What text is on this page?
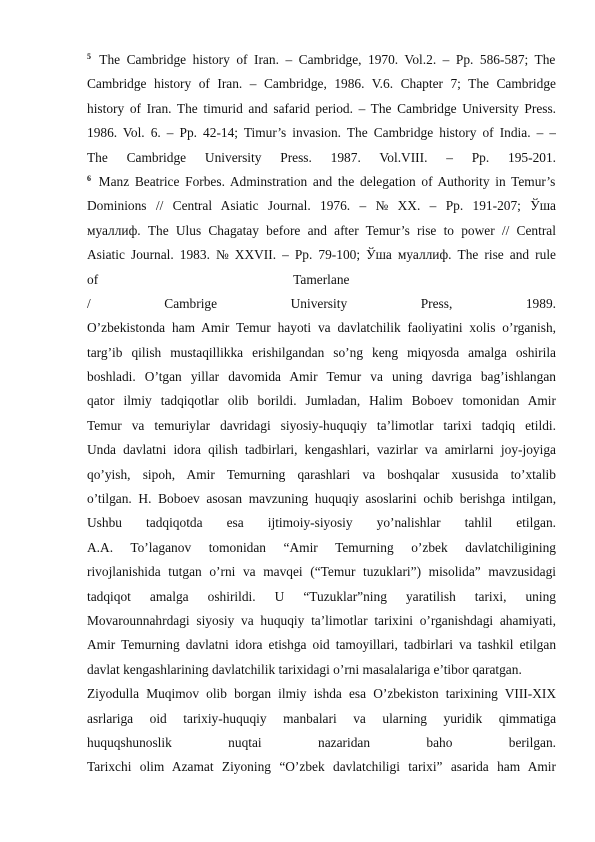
$^5$ The Cambridge history of Iran. – Cambridge, 1970. Vol.2. – Pp. 586-587; The
Cambridge history of Iran. – Cambridge, 1986. V.6. Chapter 7; The Cambridge
history of Iran. The timurid and safarid period. – The Cambridge University Press.
1986. Vol. 6. – Pp. 42-14; Timur’s invasion. The Cambridge history of India. – –
The Cambridge University Press. 1987. Vol.VIII. – Pp. 195-201.
$^6$ Manz Beatrice Forbes. Adminstration and the delegation of Authority in Temur’s
Dominions // Central Asiatic Journal. 1976. – № XX. – Pp. 191-207; Ўша
муаллиф. The Ulus Chagatay before and after Temur’s rise to power // Central
Asiatic Journal. 1983. № XXVII. – Pp. 79-100; Ўша муаллиф. The rise and rule
of	Tamerlane
/ Cambrige University Press, 1989.
O’zbekistonda ham Amir Temur hayoti va davlatchilik faoliyatini xolis o’rganish,
targ’ib qilish mustaqillikka erishilgandan so’ng keng miqyosda amalga oshirila
boshladi. O’tgan yillar davomida Amir Temur va uning davriga bag’ishlangan
qator ilmiy tadqiqotlar olib borildi. Jumladan, Halim Boboev tomonidan Amir
Temur va temuriylar davridagi siyosiy-huquqiy ta’limotlar tarixi tadqiq etildi.
Unda davlatni idora qilish tadbirlari, kengashlari, vazirlar va amirlarni joy-joyiga
qo’yish, sipoh, Amir Temurning qarashlari va boshqalar xususida to’xtalib
o’tilgan. H. Boboev asosan mavzuning huquqiy asoslarini ochib berishga intilgan,
Ushbu tadqiqotda esa ijtimoiy-siyosiy yo’nalishlar tahlil etilgan.
A.A. To’laganov tomonidan “Amir Temurning o’zbek davlatchiligining
rivojlanishida tutgan o’rni va mavqei (“Temur tuzuklari”) misolida” mavzusidagi
tadqiqot amalga oshirildi. U “Tuzuklar”ning yaratilish tarixi, uning
Movarounnahrdagi siyosiy va huquqiy ta’limotlar tarixini o’rganishdagi ahamiyati,
Amir Temurning davlatni idora etishga oid tamoyillari, tadbirlari va tashkil etilgan
davlat kengashlarining davlatchilik tarixidagi o’rni masalalariga e’tibor qaratgan.
Ziyodulla Muqimov olib borgan ilmiy ishda esa O’zbekiston tarixining VIII-XIX
asrlariga oid tarixiy-huquqiy manbalari va ularning yuridik qimmatiga
huquqshunoslik nuqtai nazaridan baho berilgan.
Tarixchi olim Azamat Ziyoning “O’zbek davlatchiligi tarixi” asarida ham Amir
